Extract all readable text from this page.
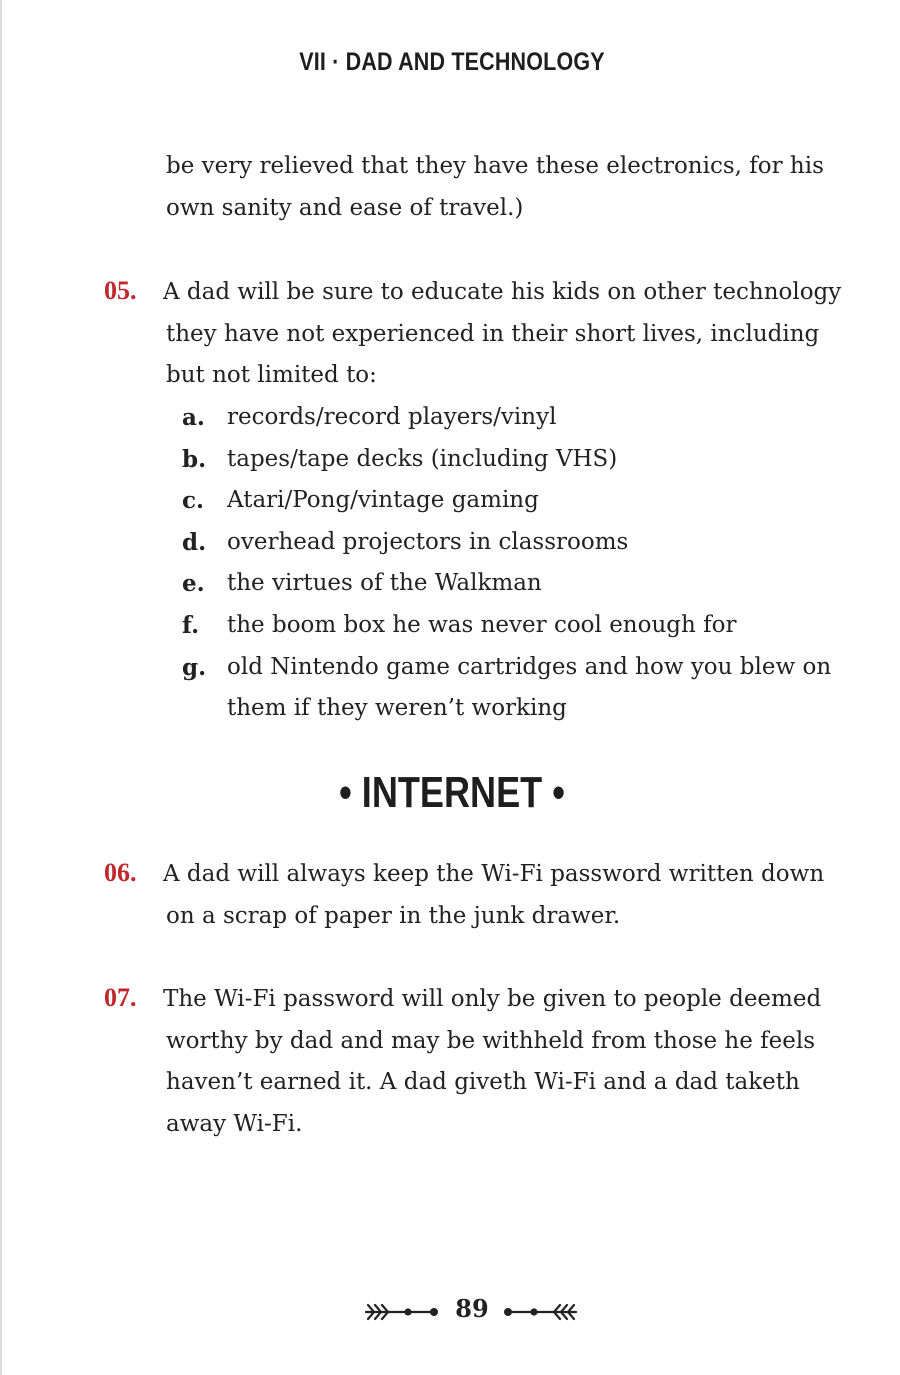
VII · DAD AND TECHNOLOGY
be very relieved that they have these electronics, for his
own sanity and ease of travel.)
05. A dad will be sure to educate his kids on other technology
they have not experienced in their short lives, including
but not limited to:
a. records/record players/vinyl
b. tapes/tape decks (including VHS)
c. Atari/Pong/vintage gaming
d. overhead projectors in classrooms
e. the virtues of the Walkman
f. the boom box he was never cool enough for
g. old Nintendo game cartridges and how you blew on
them if they weren’t working
• INTERNET •
06. A dad will always keep the Wi-Fi password written down
on a scrap of paper in the junk drawer.
07. The Wi-Fi password will only be given to people deemed
worthy by dad and may be withheld from those he feels
haven’t earned it. A dad giveth Wi-Fi and a dad taketh
away Wi-Fi.
89
